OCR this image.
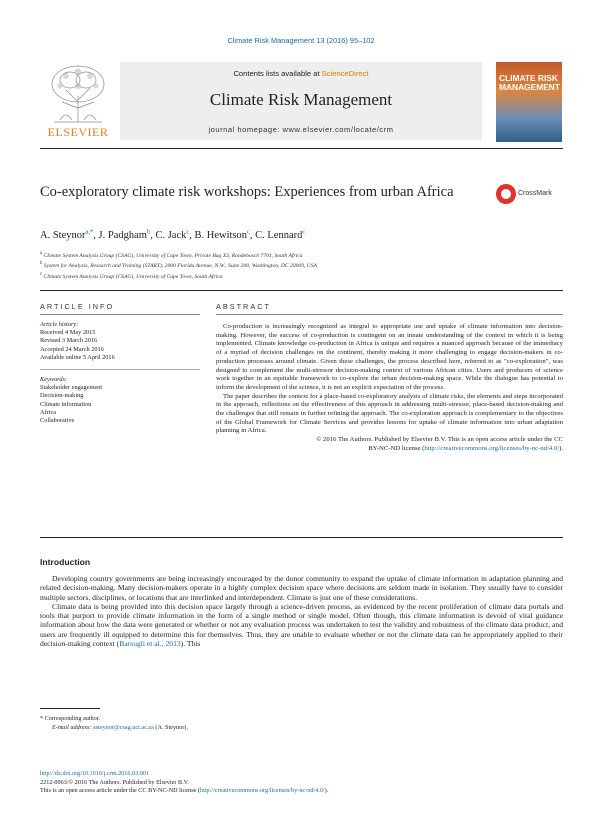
Climate Risk Management 13 (2016) 95–102
ELSEVIER
Contents lists available at ScienceDirect
Climate Risk Management
journal homepage: www.elsevier.com/locate/crm
CLIMATE RISK MANAGEMENT
Co-exploratory climate risk workshops: Experiences from urban Africa	CrossMark
A. Steynor$^{a,*}$, J. Padgham$^b$, C. Jack$^c$, B. Hewitson$^c$, C. Lennard$^c$
$^a$ Climate System Analysis Group (CSAG), University of Cape Town, Private Bag X3, Rondebosch 7701, South Africa
$^b$ System for Analysis, Research and Training (START), 2000 Florida Avenue, N.W., Suite 200, Washington, DC 20009, USA
$^c$ Climate System Analysis Group (CSAG), University of Cape Town, South Africa
ARTICLE INFO	ABSTRACT
Article history:
Received 4 May 2015
Revised 3 March 2016
Accepted 24 March 2016
Available online 5 April 2016
Keywords:
Stakeholder engagement
Decision-making
Climate information
Africa
Collaborative

Co-production is increasingly recognized as integral to appropriate use and uptake of climate information into decision-making. However, the success of co-production is contingent on an innate understanding of the context in which it is being implemented. Climate knowledge co-production in Africa is unique and requires a nuanced approach because of the immediacy of a myriad of decision challenges on the continent, thereby making it more challenging to engage decision-makers in co-production processes around climate. Given these challenges, the process described here, referred to as "co-exploration", was designed to complement the multi-stressor decision-making context of various African cities. Users and producers of science work together in an equitable framework to co-explore the urban decision-making space. While the dialogue has potential to inform the development of the science, it is not an explicit expectation of the process.

The paper describes the context for a place-based co-exploratory analysis of climate risks, the elements and steps incorporated in the approach, reflections on the effectiveness of this approach in addressing multi-stressor, place-based decision-making and the challenges that still remain in further refining the approach. The co-exploration approach is complementary to the objectives of the Global Framework for Climate Services and provides lessons for uptake of climate information into urban adaptation planning in Africa.

© 2016 The Authors. Published by Elsevier B.V. This is an open access article under the CC

BY-NC-ND license (http://creativecommons.org/licenses/by-nc-nd/4.0/).

Introduction

Developing country governments are being increasingly encouraged by the donor community to expand the uptake of climate information in adaptation planning and related decision-making. Many decision-makers operate in a highly complex decision space where decisions are seldom made in isolation. They usually have to consider multiple sectors, disciplines, or locations that are interlinked and interdependent. Climate is just one of these considerations.

Climate data is being provided into this decision space largely through a science-driven process, as evidenced by the recent proliferation of climate data portals and tools that purport to provide climate information in the form of a single method or single model. Often though, this climate information is devoid of vital guidance information about how the data were generated or whether or not any evaluation process was undertaken to test the validity and robustness of the climate data product, and users are frequently ill equipped to determine this for themselves. Thus, they are unable to evaluate whether or not the climate data can be appropriately applied to their decision-making context (Barsugli et al., 2013). This

* Corresponding author.
E-mail address: asteynor@csag.uct.ac.za (A. Steynor).
http://dx.doi.org/10.1016/j.crm.2016.03.001
2212-0963/© 2016 The Authors. Published by Elsevier B.V.
This is an open access article under the CC BY-NC-ND license (http://creativecommons.org/licenses/by-nc-nd/4.0/).
